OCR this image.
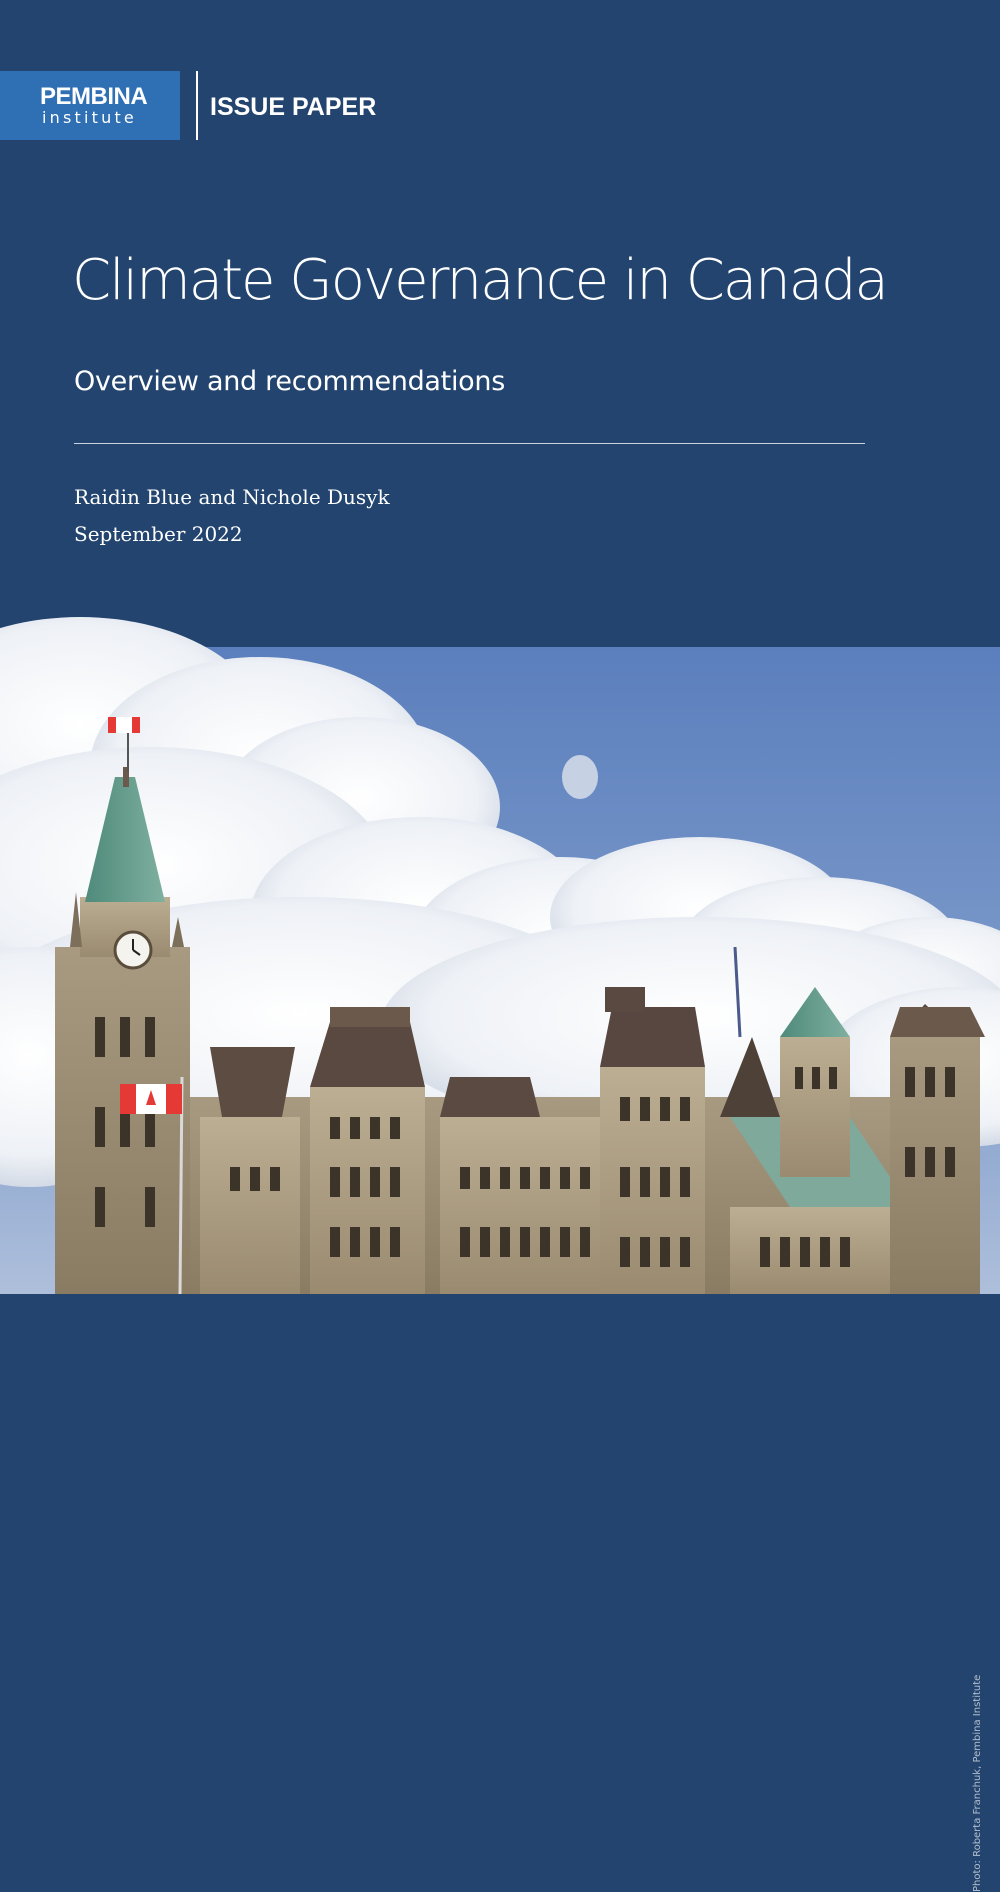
PEMBINA
institute	ISSUE PAPER
Climate Governance in Canada
Overview and recommendations
Raidin Blue and Nichole Dusyk
September 2022
Photo: Roberta Franchuk, Pembina Institute
